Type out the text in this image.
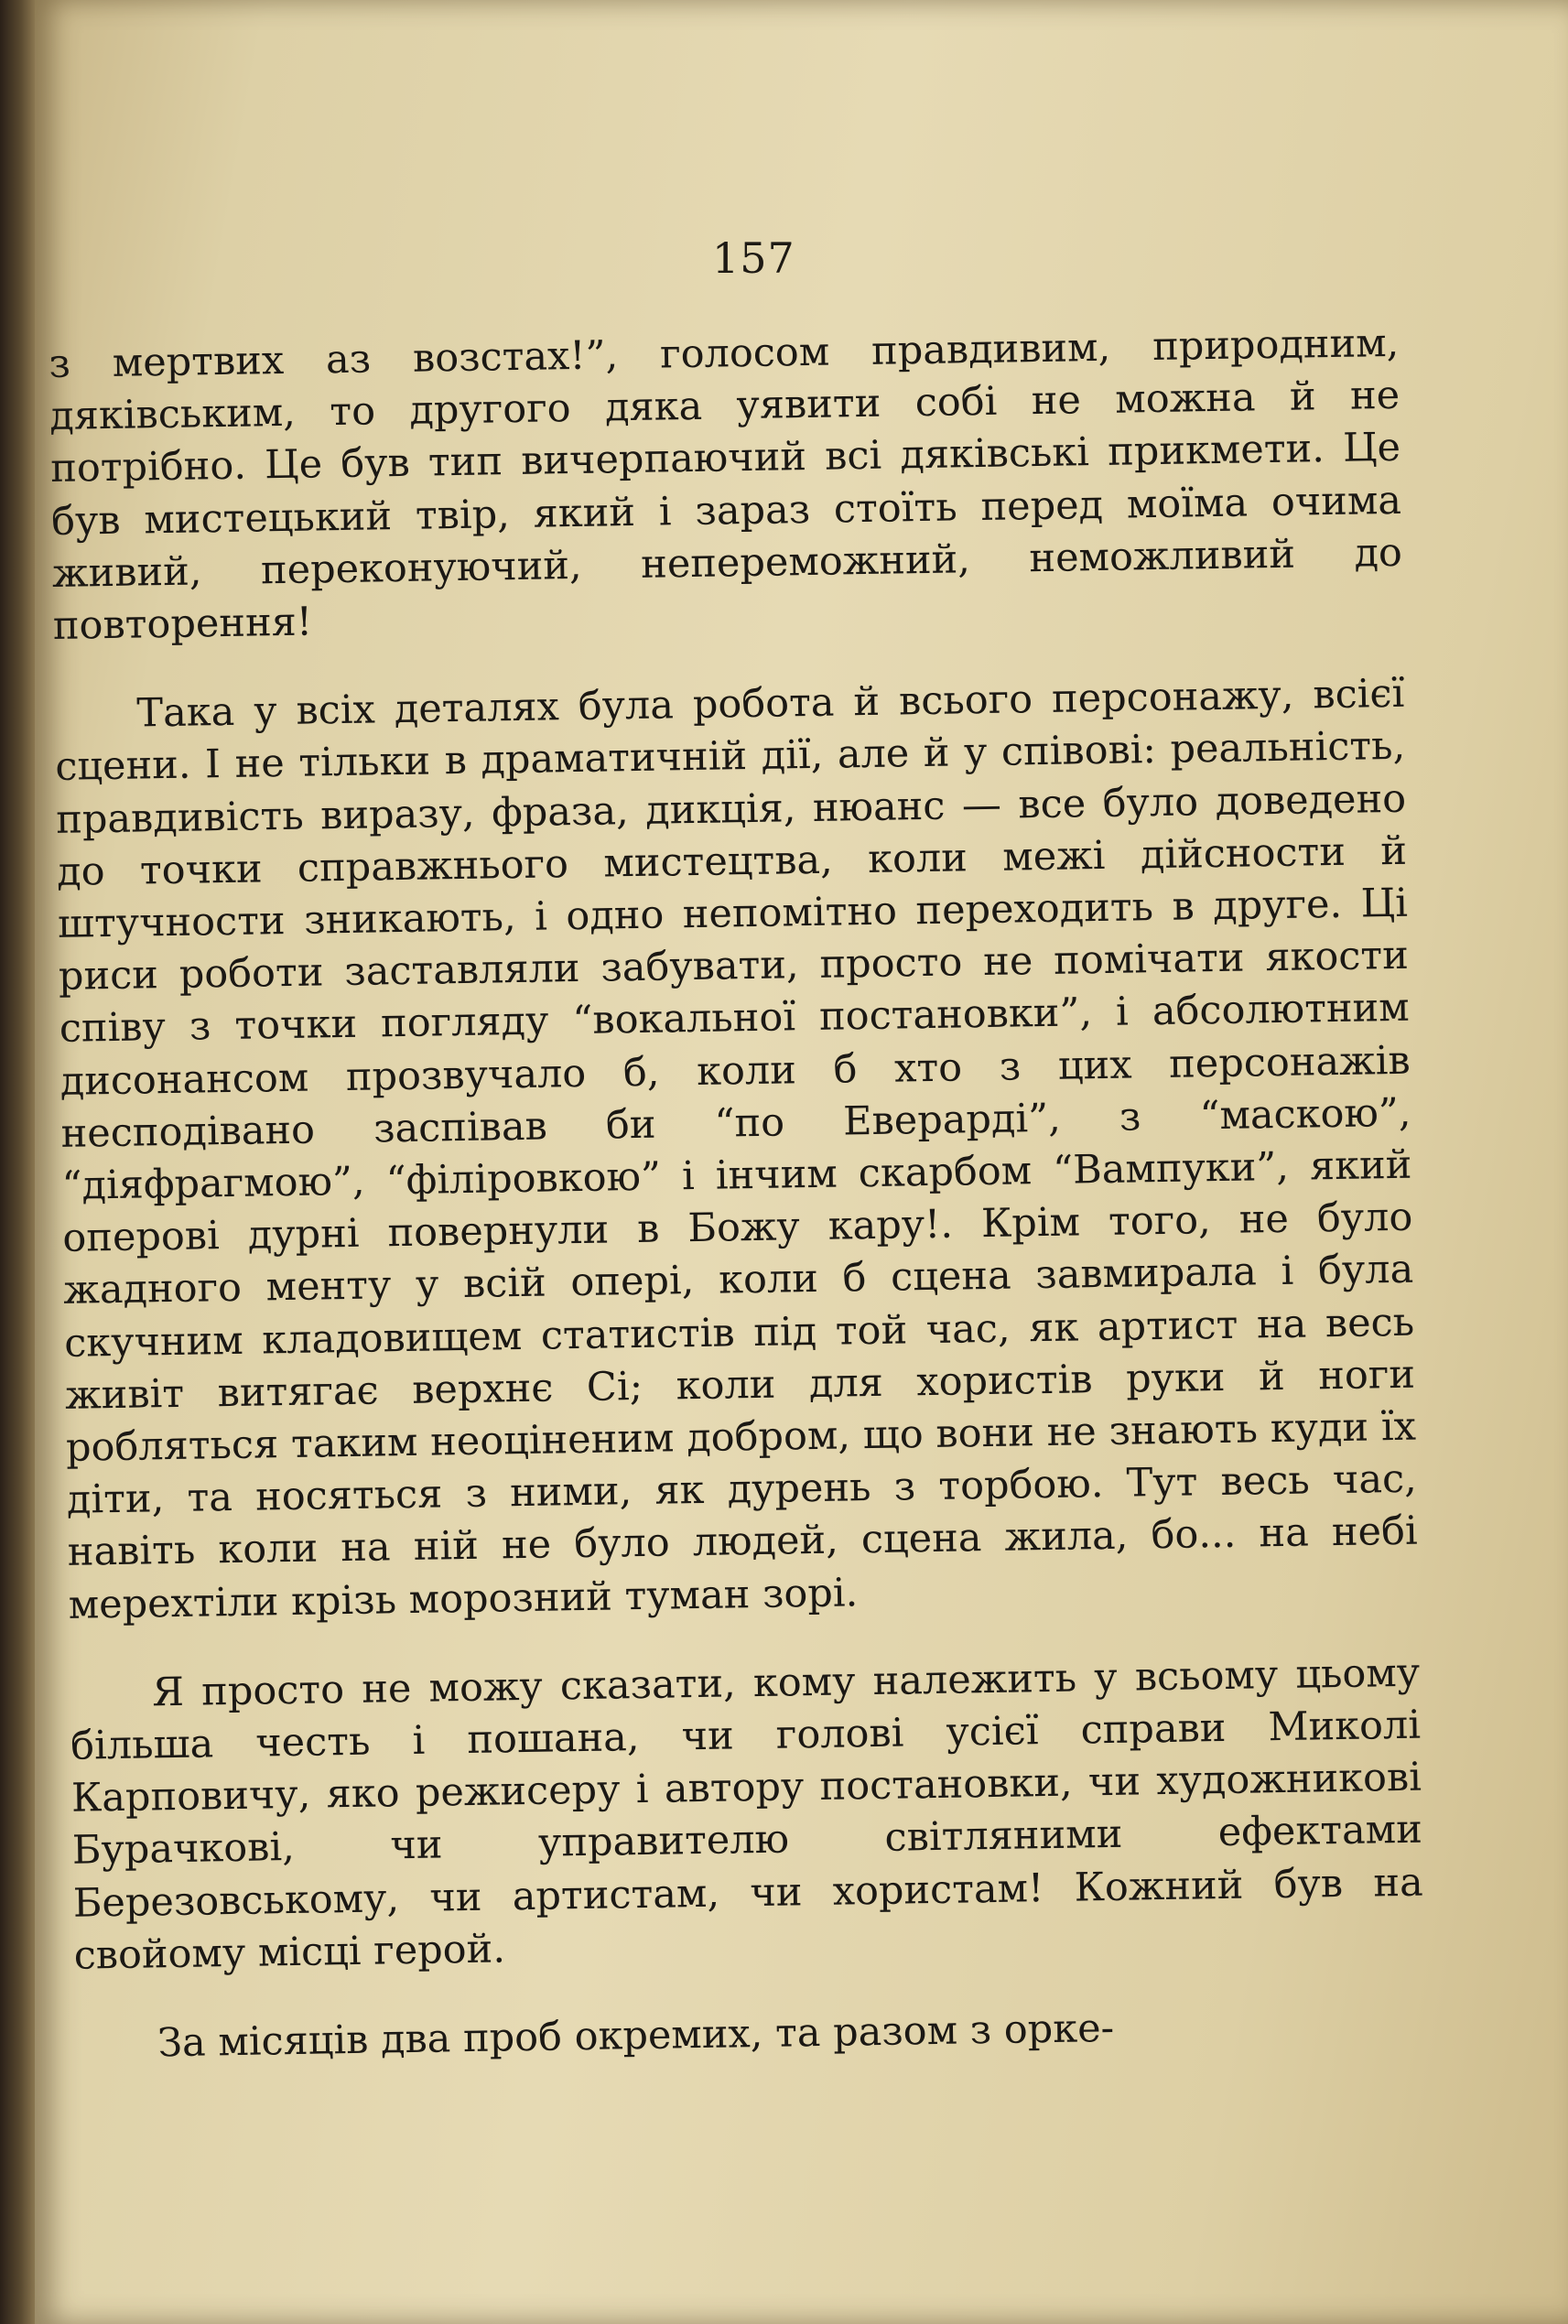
157

з мертвих аз возстах!”, голосом правдивим, природним, дяківським, то другого дяка уявити собі не можна й не потрібно. Це був тип вичерпаючий всі дяківські прикмети. Це був мистецький твір, який і зараз стоїть перед моїма очима живий, переконуючий, непереможний, неможливий до повторення!

Така у всіх деталях була робота й всього персонажу, всієї сцени. І не тільки в драматичній дії, але й у співові: реальність, правдивість виразу, фраза, дикція, нюанс — все було доведено до точки справжнього мистецтва, коли межі дійсности й штучности зникають, і одно непомітно переходить в друге. Ці риси роботи заставляли забувати, просто не помічати якости співу з точки погляду “вокальної постановки”, і абсолютним дисонансом прозвучало б, коли б хто з цих персонажів несподівано заспівав би “по Еверарді”, з “маскою”, “діяфрагмою”, “філіровкою” і інчим скарбом “Вампуки”, який оперові дурні повернули в Божу кару!. Крім того, не було жадного менту у всій опері, коли б сцена завмирала і була скучним кладовищем статистів під той час, як артист на весь живіт витягає верхнє Сі; коли для хористів руки й ноги робляться таким неоціненим добром, що вони не знають куди їх діти, та носяться з ними, як дурень з торбою. Тут весь час, навіть коли на ній не було людей, сцена жила, бо... на небі мерехтіли крізь морозний туман зорі.

Я просто не можу сказати, кому належить у всьому цьому більша честь і пошана, чи голові усієї справи Миколі Карповичу, яко режисеру і автору постановки, чи художникові Бурачкові, чи управителю світляними ефектами Березовському, чи артистам, чи хористам! Кожний був на свойому місці герой.

За місяців два проб окремих, та разом з орке-
